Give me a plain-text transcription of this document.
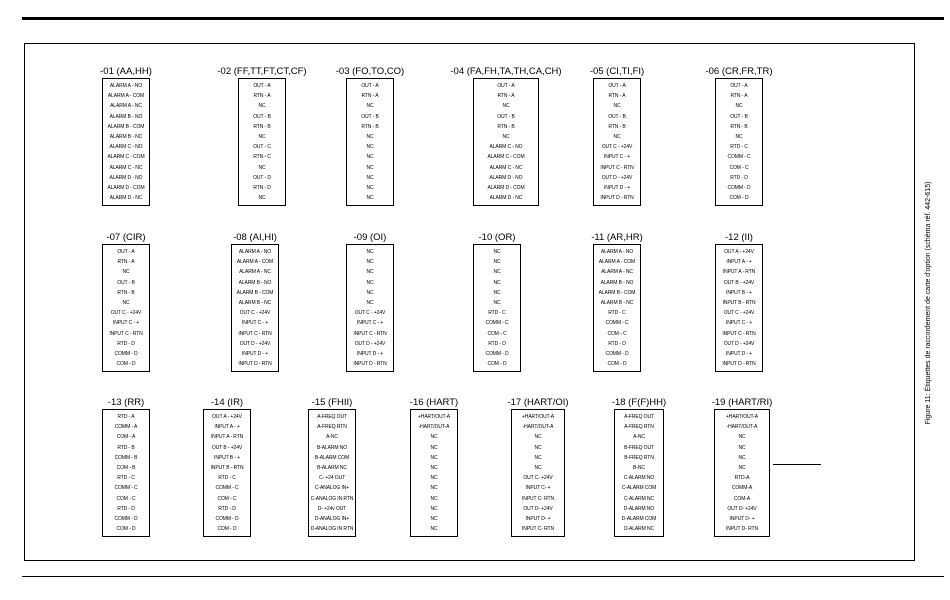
Figure 11: Étiquettes de raccordement de carte d'option (schéma réf. 442-615)
-01 (AA,HH)
ALARM A - NO
ALARM A - COM
ALARM A - NC
ALARM B - NO
ALARM B - COM
ALARM B - NC
ALARM C - NO
ALARM C - COM
ALARM C - NC
ALARM D - NO
ALARM D - COM
ALARM D - NC
-02 (FF,TT,FT,CT,CF)
OUT - A
RTN - A
NC
OUT - B
RTN - B
NC
OUT - C
RTN - C
NC
OUT - D
RTN - D
NC
-03 (FO,TO,CO)
OUT - A
RTN - A
NC
OUT - B
RTN - B
NC
NC
NC
NC
NC
NC
NC
-04 (FA,FH,TA,TH,CA,CH)
OUT - A
RTN - A
NC
OUT - B
RTN - B
NC
ALARM C - NO
ALARM C - COM
ALARM C - NC
ALARM D - NO
ALARM D - COM
ALARM D - NC
-05 (CI,TI,FI)
OUT - A
RTN - A
NC
OUT - B
RTN - B
NC
OUT C - +24V
INPUT C - +
INPUT C - RTN
OUT D - +24V
INPUT D - +
INPUT D - RTN
-06 (CR,FR,TR)
OUT - A
RTN - A
NC
OUT - B
RTN - B
NC
RTD - C
COMM - C
COM - C
RTD - D
COMM - D
COM - D
-07 (CIR)
OUT - A
RTN - A
NC
OUT - B
RTN - B
NC
OUT C - +24V
INPUT C - +
INPUT C - RTN
RTD - D
COMM - D
COM - D
-08 (AI,HI)
ALARM A - NO
ALARM A - COM
ALARM A - NC
ALARM B - NO
ALARM B - COM
ALARM B - NC
OUT C - +24V
INPUT C - +
INPUT C - RTN
OUT D - +24V
INPUT D - +
INPUT D - RTN
-09 (OI)
NC
NC
NC
NC
NC
NC
OUT C - +24V
INPUT C - +
INPUT C - RTN
OUT D - +24V
INPUT D - +
INPUT D - RTN
-10 (OR)
NC
NC
NC
NC
NC
NC
RTD - C
COMM - C
COM - C
RTD - D
COMM - D
COM - D
-11 (AR,HR)
ALARM A - NO
ALARM A - COM
ALARM A - NC
ALARM B - NO
ALARM B - COM
ALARM B - NC
RTD - C
COMM - C
COM - C
RTD - D
COMM - D
COM - D
-12 (II)
OUT A - +24V
INPUT A - +
INPUT A - RTN
OUT B - +24V
INPUT B - +
INPUT B - RTN
OUT C - +24V
INPUT C - +
INPUT C - RTN
OUT D - +24V
INPUT D - +
INPUT D - RTN
-13 (RR)
RTD - A
COMM - A
COM - A
RTD - B
COMM - B
COM - B
RTD - C
COMM - C
COM - C
RTD - D
COMM - D
COM - D
-14 (IR)
OUT A - +24V
INPUT A - +
INPUT A - RTN
OUT B - +24V
INPUT B - +
INPUT B - RTN
RTD - C
COMM - C
COM - C
RTD - D
COMM - D
COM - D
-15 (FHII)
A-FREQ OUT
A-FREQ RTN
A-NC
B-ALARM NO
B-ALARM COM
B-ALARM NC
C- +24 OUT
C-ANALOG IN+
C-ANALOG IN RTN
D- +24v OUT
D-ANALOG IN+
D-ANALOG IN RTN
-16 (HART)
+HART/OUT-A
-HART/OUT-A
NC
NC
NC
NC
NC
NC
NC
NC
NC
NC
-17 (HART/OI)
+HART/OUT-A
-HART/OUT-A
NC
NC
NC
NC
OUT C- +24V
INPUT C- +
INPUT C- RTN
OUT D- +24V
INPUT D- +
INPUT C- RTN
-18 (F(F)HH)
A-FREQ OUT
A-FREQ RTN
A-NC
B-FREQ OUT
B-FREQ RTN
B-NC
C-ALARM NO
C-ALARM COM
C-ALARM NC
D-ALARM NO
D-ALARM COM
D-ALARM NC
-19 (HART/RI)
+HART/OUT-A
-HART/OUT-A
NC
NC
NC
NC
RTD-A
COMM-A
COM-A
OUT D- +24V
INPUT D- +
INPUT D- RTN
